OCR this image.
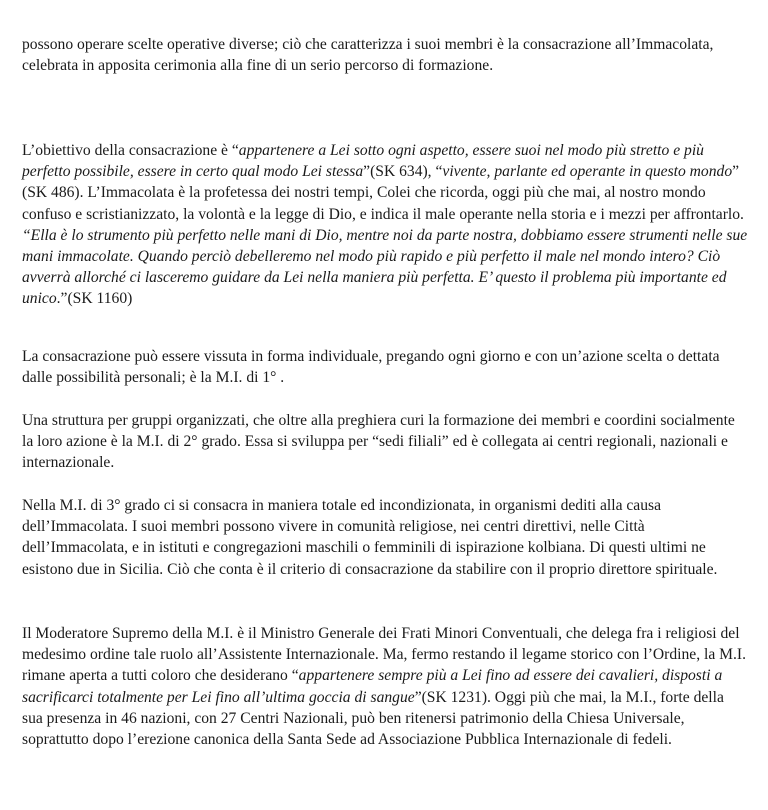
possono operare scelte operative diverse; ciò che caratterizza i suoi membri è la consacrazione all’Immacolata, celebrata in apposita cerimonia alla fine di un serio percorso di formazione.

L’obiettivo della consacrazione è “appartenere a Lei sotto ogni aspetto, essere suoi nel modo più stretto e più perfetto possibile, essere in certo qual modo Lei stessa”(SK 634), “vivente, parlante ed operante in questo mondo” (SK 486). L’Immacolata è la profetessa dei nostri tempi, Colei che ricorda, oggi più che mai, al nostro mondo confuso e scristianizzato, la volontà e la legge di Dio, e indica il male operante nella storia e i mezzi per affrontarlo. “Ella è lo strumento più perfetto nelle mani di Dio, mentre noi da parte nostra, dobbiamo essere strumenti nelle sue mani immacolate. Quando perciò debelleremo nel modo più rapido e più perfetto il male nel mondo intero? Ciò avverrà allorché ci lasceremo guidare da Lei nella maniera più perfetta. E’ questo il problema più importante ed unico.”(SK 1160)

La consacrazione può essere vissuta in forma individuale, pregando ogni giorno e con un’azione scelta o dettata dalle possibilità personali; è la M.I. di 1° .

Una struttura per gruppi organizzati, che oltre alla preghiera curi la formazione dei membri e coordini socialmente la loro azione è la M.I. di 2° grado. Essa si sviluppa per “sedi filiali” ed è collegata ai centri regionali, nazionali e internazionale.

Nella M.I. di 3° grado ci si consacra in maniera totale ed incondizionata, in organismi dediti alla causa dell’Immacolata. I suoi membri possono vivere in comunità religiose, nei centri direttivi, nelle Città dell’Immacolata, e in istituti e congregazioni maschili o femminili di ispirazione kolbiana. Di questi ultimi ne esistono due in Sicilia. Ciò che conta è il criterio di consacrazione da stabilire con il proprio direttore spirituale.

Il Moderatore Supremo della M.I. è il Ministro Generale dei Frati Minori Conventuali, che delega fra i religiosi del medesimo ordine tale ruolo all’Assistente Internazionale. Ma, fermo restando il legame storico con l’Ordine, la M.I. rimane aperta a tutti coloro che desiderano “appartenere sempre più a Lei fino ad essere dei cavalieri, disposti a sacrificarci totalmente per Lei fino all’ultima goccia di sangue”(SK 1231). Oggi più che mai, la M.I., forte della sua presenza in 46 nazioni, con 27 Centri Nazionali, può ben ritenersi patrimonio della Chiesa Universale, soprattutto dopo l’erezione canonica della Santa Sede ad Associazione Pubblica Internazionale di fedeli.
